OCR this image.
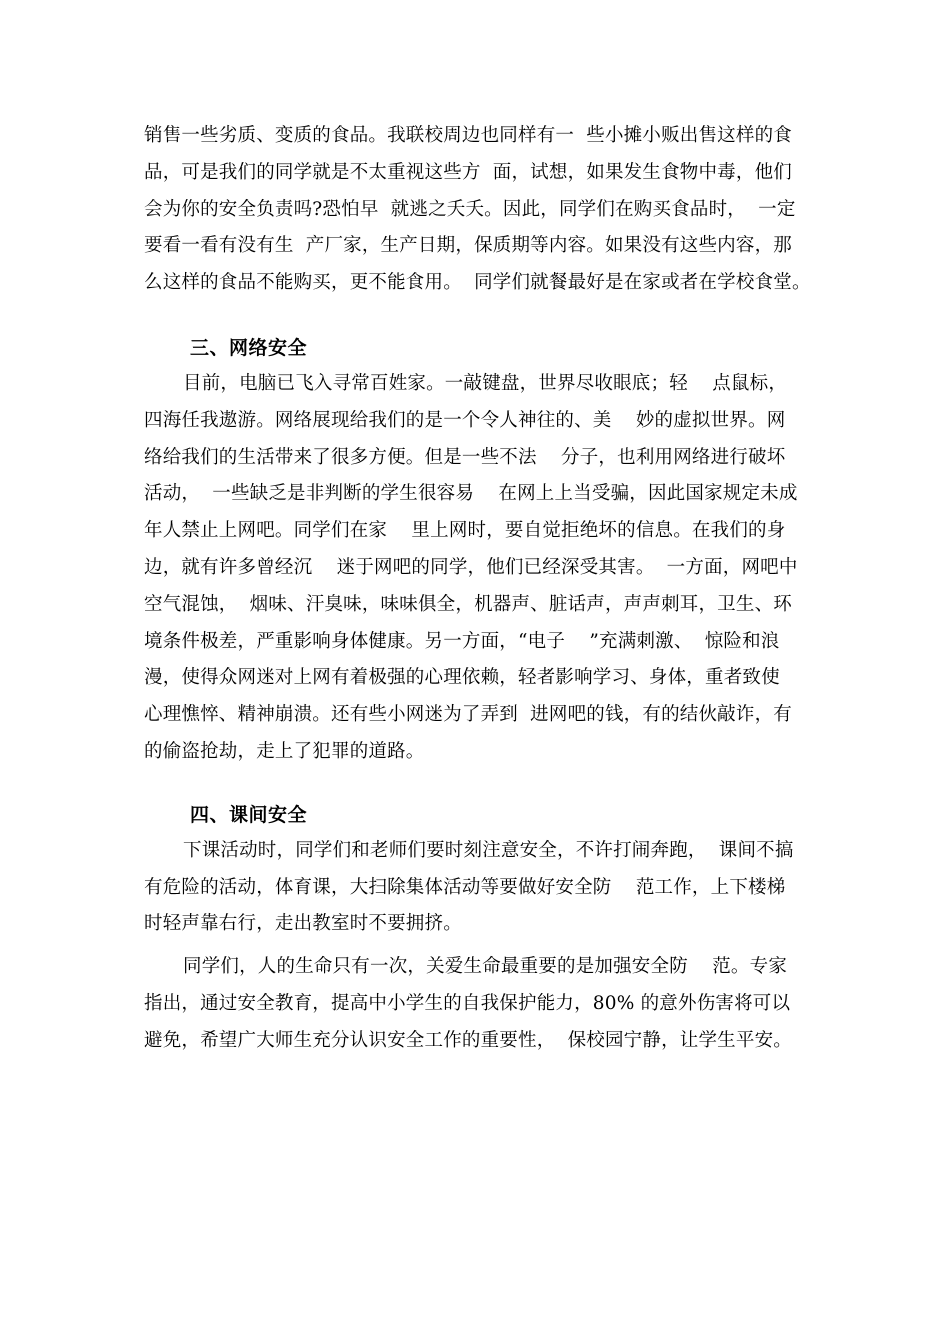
销售一些劣质、变质的食品。我联校周边也同样有一  些小摊小贩出售这样的食
品，可是我们的同学就是不太重视这些方  面，试想，如果发生食物中毒，他们
会为你的安全负责吗?恐怕早  就逃之夭夭。因此，同学们在购买食品时，  一定
要看一看有没有生  产厂家，生产日期，保质期等内容。如果没有这些内容，那
么这样的食品不能购买，更不能食用。  同学们就餐最好是在家或者在学校食堂。
三、网络安全
目前，电脑已飞入寻常百姓家。一敲键盘，世界尽收眼底；轻    点鼠标，
四海任我遨游。网络展现给我们的是一个令人神往的、美    妙的虚拟世界。网
络给我们的生活带来了很多方便。但是一些不法    分子，也利用网络进行破坏
活动，  一些缺乏是非判断的学生很容易    在网上上当受骗，因此国家规定未成
年人禁止上网吧。同学们在家    里上网时，要自觉拒绝坏的信息。在我们的身
边，就有许多曾经沉    迷于网吧的同学，他们已经深受其害。  一方面，网吧中
空气混蚀，  烟味、汗臭味，味味俱全，机器声、脏话声，声声刺耳，卫生、环
境条件极差，严重影响身体健康。另一方面，“电子    ”充满刺激、  惊险和浪
漫，使得众网迷对上网有着极强的心理依赖，轻者影响学习、身体，重者致使
心理憔悴、精神崩溃。还有些小网迷为了弄到  进网吧的钱，有的结伙敲诈，有
的偷盗抢劫，走上了犯罪的道路。
四、课间安全
下课活动时，同学们和老师们要时刻注意安全，不许打闹奔跑，  课间不搞
有危险的活动，体育课，大扫除集体活动等要做好安全防    范工作，上下楼梯
时轻声靠右行，走出教室时不要拥挤。
同学们，人的生命只有一次，关爱生命最重要的是加强安全防    范。专家
指出，通过安全教育，提高中小学生的自我保护能力，80% 的意外伤害将可以
避免，希望广大师生充分认识安全工作的重要性，  保校园宁静，让学生平安。
